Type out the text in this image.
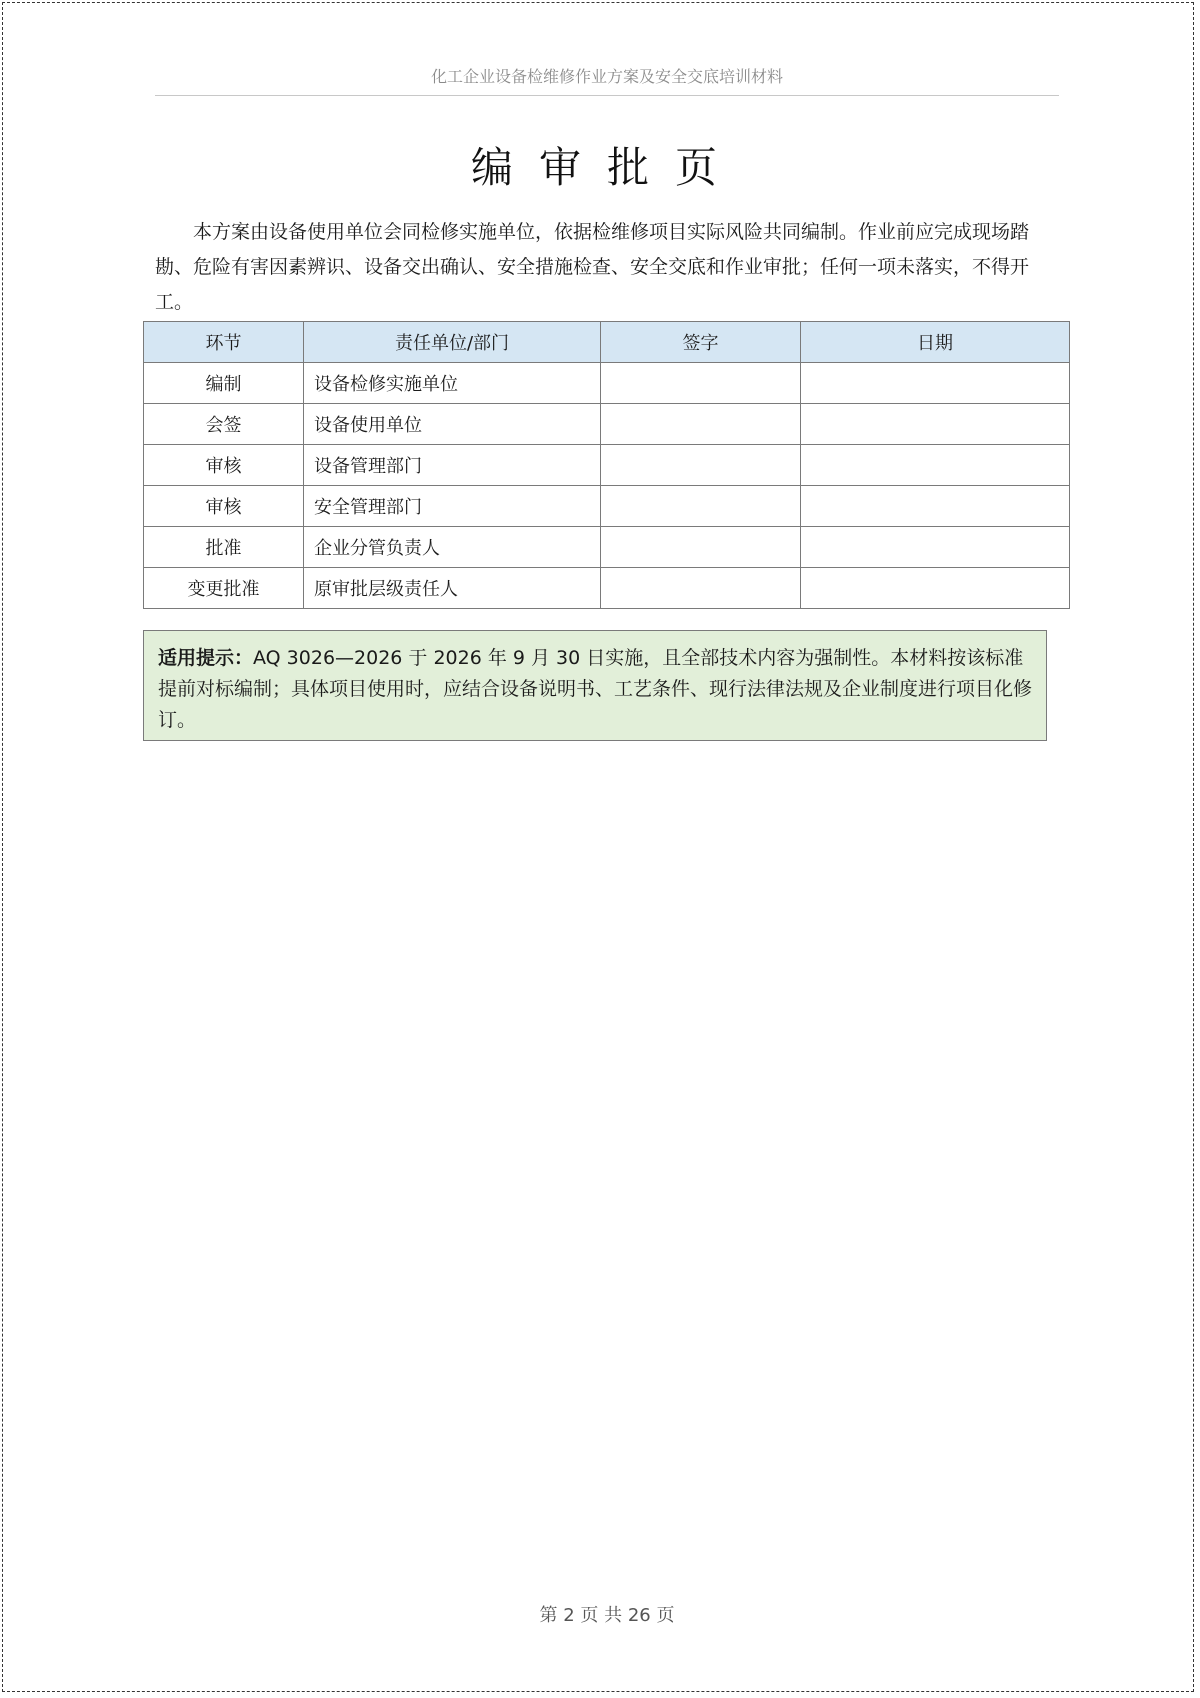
化工企业设备检维修作业方案及安全交底培训材料
编审批页

本方案由设备使用单位会同检修实施单位，依据检维修项目实际风险共同编制。作业前应完成现场踏勘、危险有害因素辨识、设备交出确认、安全措施检查、安全交底和作业审批；任何一项未落实，不得开工。

环节	责任单位/部门	签字	日期
编制	设备检修实施单位		
会签	设备使用单位		
审核	设备管理部门		
审核	安全管理部门		
批准	企业分管负责人		
变更批准	原审批层级责任人		
适用提示：AQ 3026—2026 于 2026 年 9 月 30 日实施，且全部技术内容为强制性。本材料按该标准提前对标编制；具体项目使用时，应结合设备说明书、工艺条件、现行法律法规及企业制度进行项目化修订。
第 2 页 共 26 页
